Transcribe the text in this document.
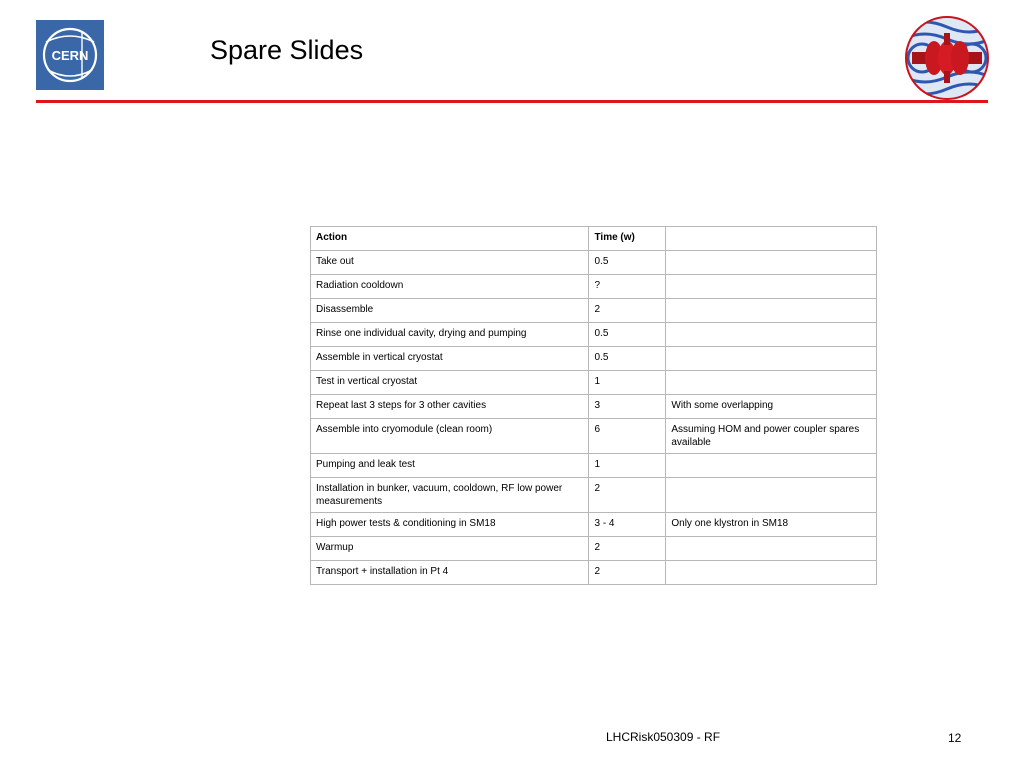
CERN	Spare Slides
Action	Time (w)	
Take out	0.5	
Radiation cooldown	?	
Disassemble	2	
Rinse one individual cavity, drying and pumping	0.5	
Assemble in vertical cryostat	0.5	
Test in vertical cryostat	1	
Repeat last 3 steps for 3 other cavities	3	With some overlapping
Assemble into cryomodule (clean room)	6	Assuming HOM and power coupler spares available
Pumping and leak test	1	
Installation in bunker, vacuum, cooldown, RF low power measurements	2	
High power tests & conditioning in SM18	3 - 4	Only one klystron in SM18
Warmup	2	
Transport + installation in Pt 4	2	
LHCRisk050309 - RF	12
